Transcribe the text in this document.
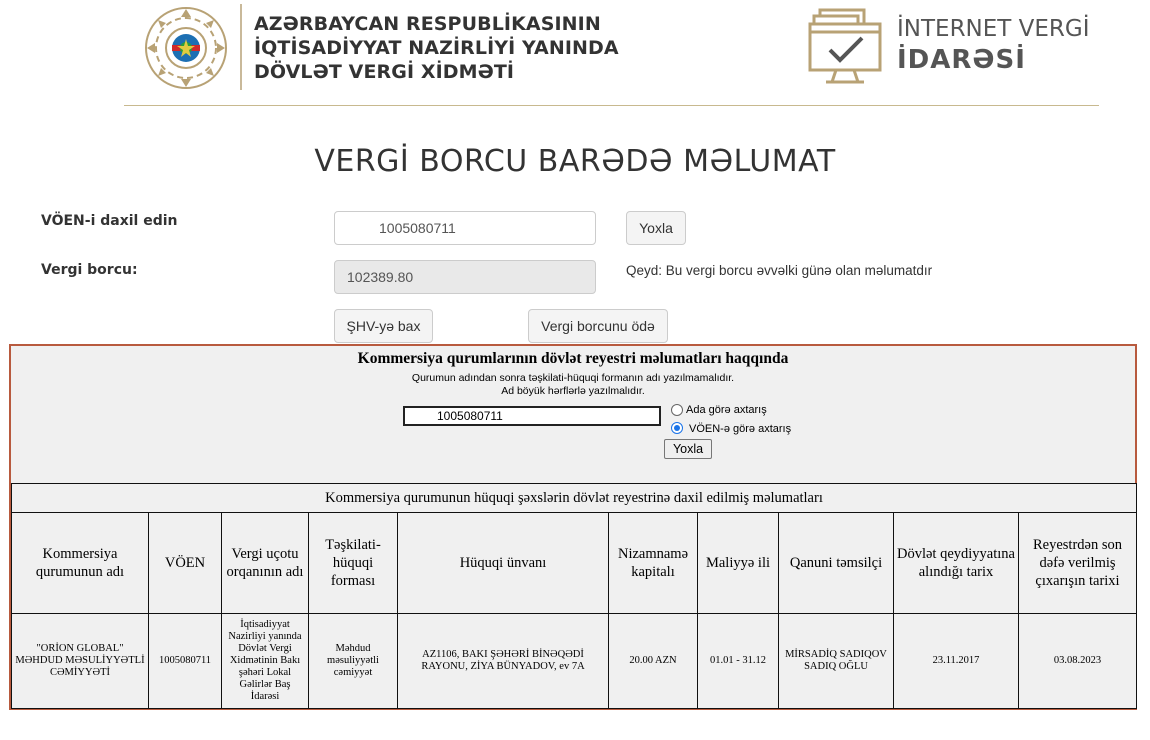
AZƏRBAYCAN RESPUBLİKASININ
İQTİSADİYYAT NAZİRLİYİ YANINDA
DÖVLƏT VERGİ XİDMƏTİ
İNTERNET VERGİ
İDARƏSİ
VERGİ BORCU BARƏDƏ MƏLUMAT
VÖEN-i daxil edin	1005080711	Yoxla
Vergi borcu:	102389.80	Qeyd: Bu vergi borcu əvvəlki günə olan məlumatdır
ŞHV-yə bax	Vergi borcunu ödə
Kommersiya qurumlarının dövlət reyestri məlumatları haqqında
Qurumun adından sonra təşkilati-hüquqi formanın adı yazılmamalıdır.
Ad böyük hərflərlə yazılmalıdır.
1005080711	Ada görə axtarış
VÖEN-ə görə axtarış
Yoxla
Kommersiya qurumunun hüquqi şəxslərin dövlət reyestrinə daxil edilmiş məlumatları									
Kommersiya qurumunun adı	VÖEN	Vergi uçotu orqanının adı	Təşkilati-hüquqi forması	Hüquqi ünvanı	Nizamnamə kapitalı	Maliyyə ili	Qanuni təmsilçi	Dövlət qeydiyyatına alındığı tarix	Reyestrdən son dəfə verilmiş çıxarışın tarixi
"ORİON GLOBAL" MƏHDUD MƏSULİYYƏTLİ CƏMİYYƏTİ	1005080711	İqtisadiyyat Nazirliyi yanında Dövlət Vergi Xidmətinin Bakı şəhəri Lokal Gəlirlər Baş İdarəsi	Məhdud məsuliyyətli cəmiyyət	AZ1106, BAKI ŞƏHƏRİ BİNƏQƏDİ RAYONU, ZİYA BÜNYADOV, ev 7A	20.00 AZN	01.01 - 31.12	MİRSADİQ SADIQOV SADIQ OĞLU	23.11.2017	03.08.2023
